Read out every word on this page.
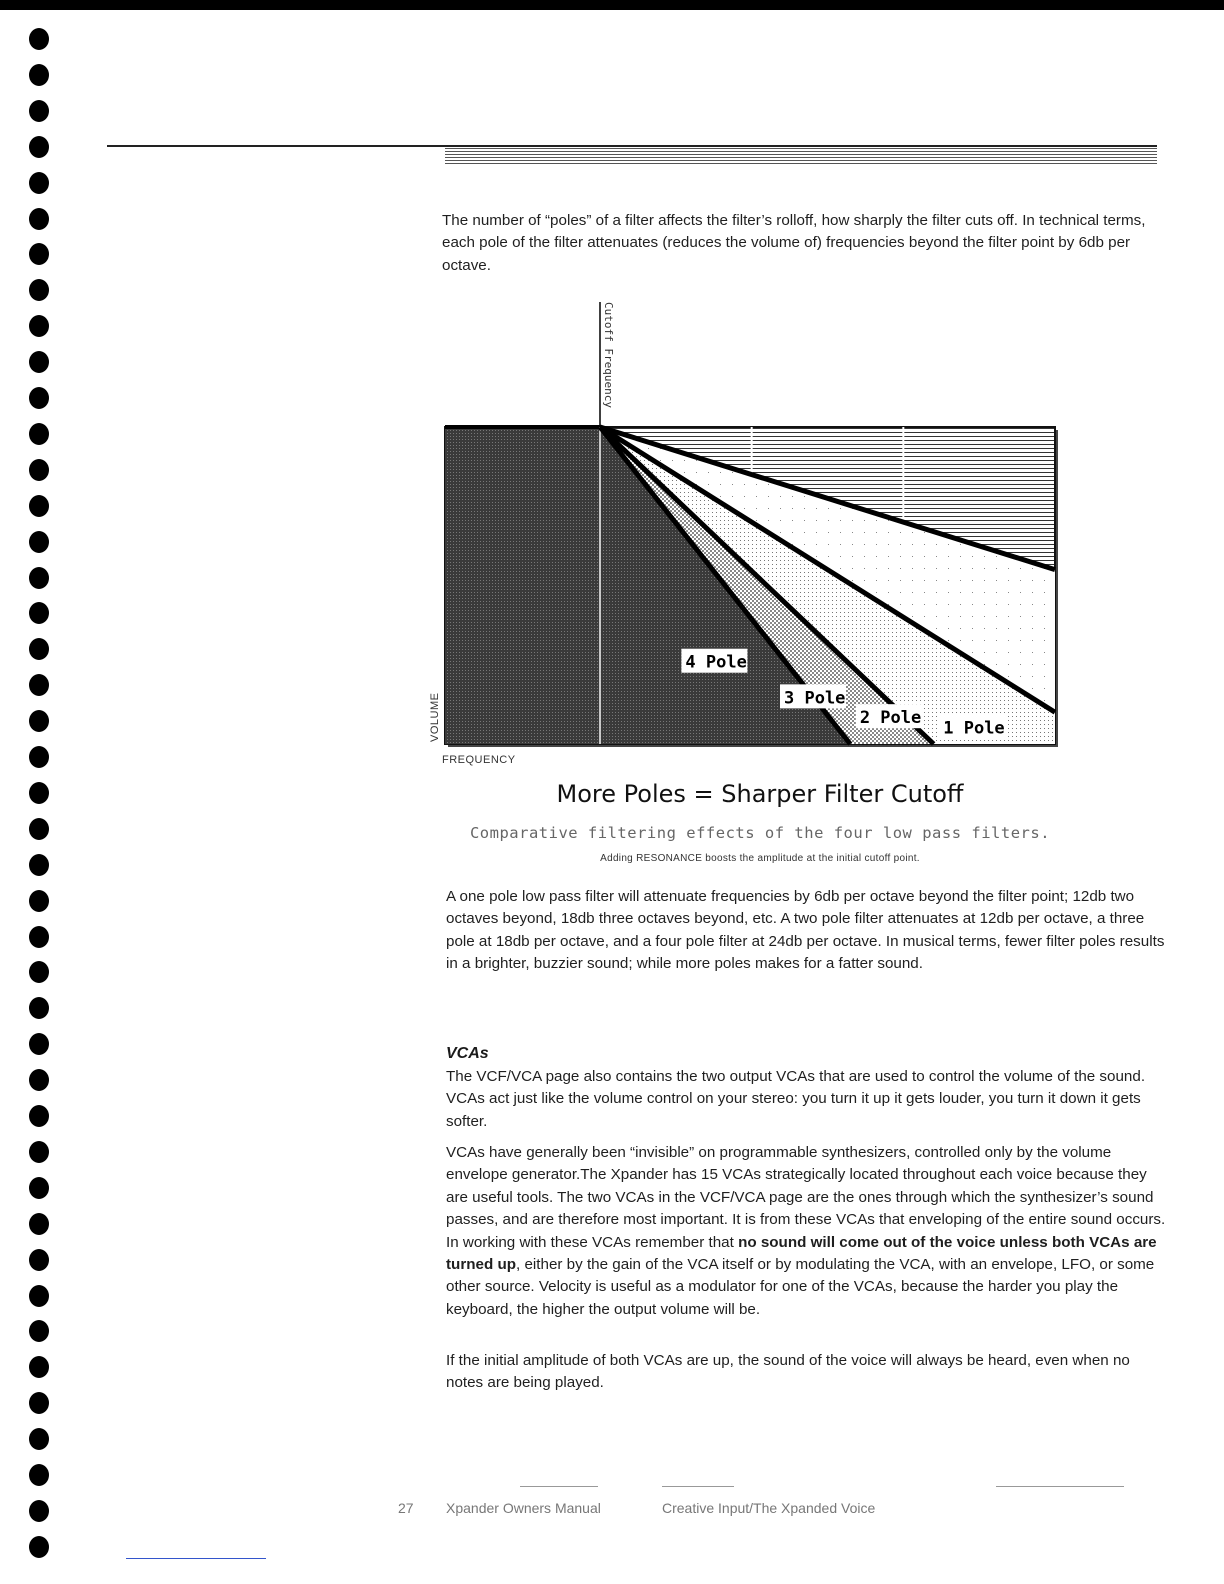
The number of “poles” of a filter affects the filter’s rolloff, how sharply the filter cuts off. In technical terms, each pole of the filter attenuates (reduces the volume of) frequencies beyond the filter point by 6db per octave.

1 Pole
2 Pole
3 Pole
4 Pole
FREQUENCY
VOLUME
Cutoff Frequency

More Poles = Sharper Filter Cutoff

Comparative filtering effects of the four low pass filters.

Adding RESONANCE boosts the amplitude at the initial cutoff point.

A one pole low pass filter will attenuate frequencies by 6db per octave beyond the filter point; 12db two octaves beyond, 18db three octaves beyond, etc. A two pole filter attenuates at 12db per octave, a three pole at 18db per octave, and a four pole filter at 24db per octave. In musical terms, fewer filter poles results in a brighter, buzzier sound; while more poles makes for a fatter sound.

VCAs

The VCF/VCA page also contains the two output VCAs that are used to control the volume of the sound. VCAs act just like the volume control on your stereo: you turn it up it gets louder, you turn it down it gets softer.

VCAs have generally been “invisible” on programmable synthesizers, controlled only by the volume envelope generator.The Xpander has 15 VCAs strategically located throughout each voice because they are useful tools. The two VCAs in the VCF/VCA page are the ones through which the synthesizer’s sound passes, and are therefore most important. It is from these VCAs that enveloping of the entire sound occurs. In working with these VCAs remember that no sound will come out of the voice unless both VCAs are turned up, either by the gain of the VCA itself or by modulating the VCA, with an envelope, LFO, or some other source. Velocity is useful as a modulator for one of the VCAs, because the harder you play the keyboard, the higher the output volume will be.

If the initial amplitude of both VCAs are up, the sound of the voice will always be heard, even when no notes are being played.

27 Xpander Owners Manual	Creative Input/The Xpanded Voice
